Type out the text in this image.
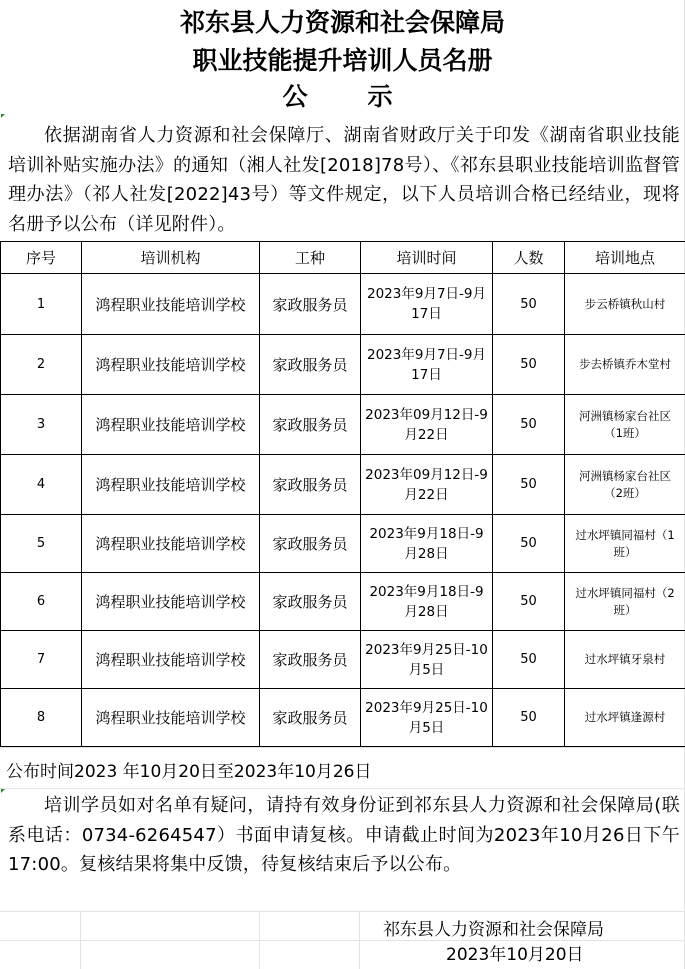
祁东县人力资源和社会保障局
职业技能提升培训人员名册
公示
依据湖南省人力资源和社会保障厅、湖南省财政厅关于印发《湖南省职业技能培训补贴实施办法》的通知（湘人社发[2018]78号）、《祁东县职业技能培训监督管理办法》（祁人社发[2022]43号）等文件规定，以下人员培训合格已经结业，现将名册予以公布（详见附件）。
序号	培训机构	工种	培训时间	人数	培训地点
1	鸿程职业技能培训学校	家政服务员	2023年9月7日-9月17日	50	步云桥镇秋山村
2	鸿程职业技能培训学校	家政服务员	2023年9月7日-9月17日	50	步去桥镇乔木堂村
3	鸿程职业技能培训学校	家政服务员	2023年09月12日-9月22日	50	河洲镇杨家台社区（1班）
4	鸿程职业技能培训学校	家政服务员	2023年09月12日-9月22日	50	河洲镇杨家台社区（2班）
5	鸿程职业技能培训学校	家政服务员	2023年9月18日-9月28日	50	过水坪镇同福村（1班）
6	鸿程职业技能培训学校	家政服务员	2023年9月18日-9月28日	50	过水坪镇同福村（2班）
7	鸿程职业技能培训学校	家政服务员	2023年9月25日-10月5日	50	过水坪镇牙泉村
8	鸿程职业技能培训学校	家政服务员	2023年9月25日-10月5日	50	过水坪镇逢源村
公布时间2023 年10月20日至2023年10月26日
培训学员如对名单有疑问，请持有效身份证到祁东县人力资源和社会保障局(联系电话：0734-6264547）书面申请复核。申请截止时间为2023年10月26日下午17:00。复核结果将集中反馈，待复核结束后予以公布。
祁东县人力资源和社会保障局
2023年10月20日
